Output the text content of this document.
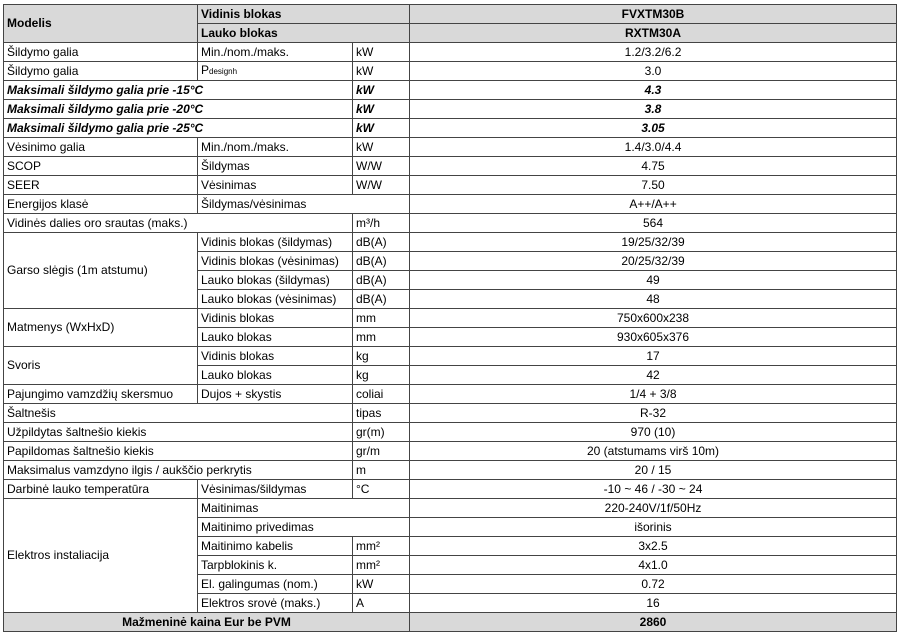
Modelis	Vidinis blokas		FVXTM30B
	Lauko blokas		RXTM30A
Šildymo galia	Min./nom./maks.	kW	1.2/3.2/6.2
Šildymo galia	Pdesignh	kW	3.0
Maksimali šildymo galia prie -15°C		kW	4.3
Maksimali šildymo galia prie -20°C		kW	3.8
Maksimali šildymo galia prie -25°C		kW	3.05
Vėsinimo galia	Min./nom./maks.	kW	1.4/3.0/4.4
SCOP	Šildymas	W/W	4.75
SEER	Vėsinimas	W/W	7.50
Energijos klasė	Šildymas/vėsinimas		A++/A++
Vidinės dalies oro srautas (maks.)		m³/h	564
Garso slėgis (1m atstumu)	Vidinis blokas (šildymas)	dB(A)	19/25/32/39
	Vidinis blokas (vėsinimas)	dB(A)	20/25/32/39
	Lauko blokas (šildymas)	dB(A)	49
	Lauko blokas (vėsinimas)	dB(A)	48
Matmenys (WxHxD)	Vidinis blokas	mm	750x600x238
	Lauko blokas	mm	930x605x376
Svoris	Vidinis blokas	kg	17
	Lauko blokas	kg	42
Pajungimo vamzdžių skersmuo	Dujos + skystis	coliai	1/4 + 3/8
Šaltnešis		tipas	R-32
Užpildytas šaltnešio kiekis		gr(m)	970 (10)
Papildomas šaltnešio kiekis		gr/m	20 (atstumams virš 10m)
Maksimalus vamzdyno ilgis / aukščio perkrytis		m	20 / 15
Darbinė lauko temperatūra	Vėsinimas/šildymas	°C	-10 ~ 46 / -30 ~ 24
Elektros instaliacija	Maitinimas		220-240V/1f/50Hz
	Maitinimo privedimas		išorinis
	Maitinimo kabelis	mm²	3x2.5
	Tarpblokinis k.	mm²	4x1.0
	El. galingumas (nom.)	kW	0.72
	Elektros srovė (maks.)	A	16
Mažmeninė kaina Eur be PVM			2860
